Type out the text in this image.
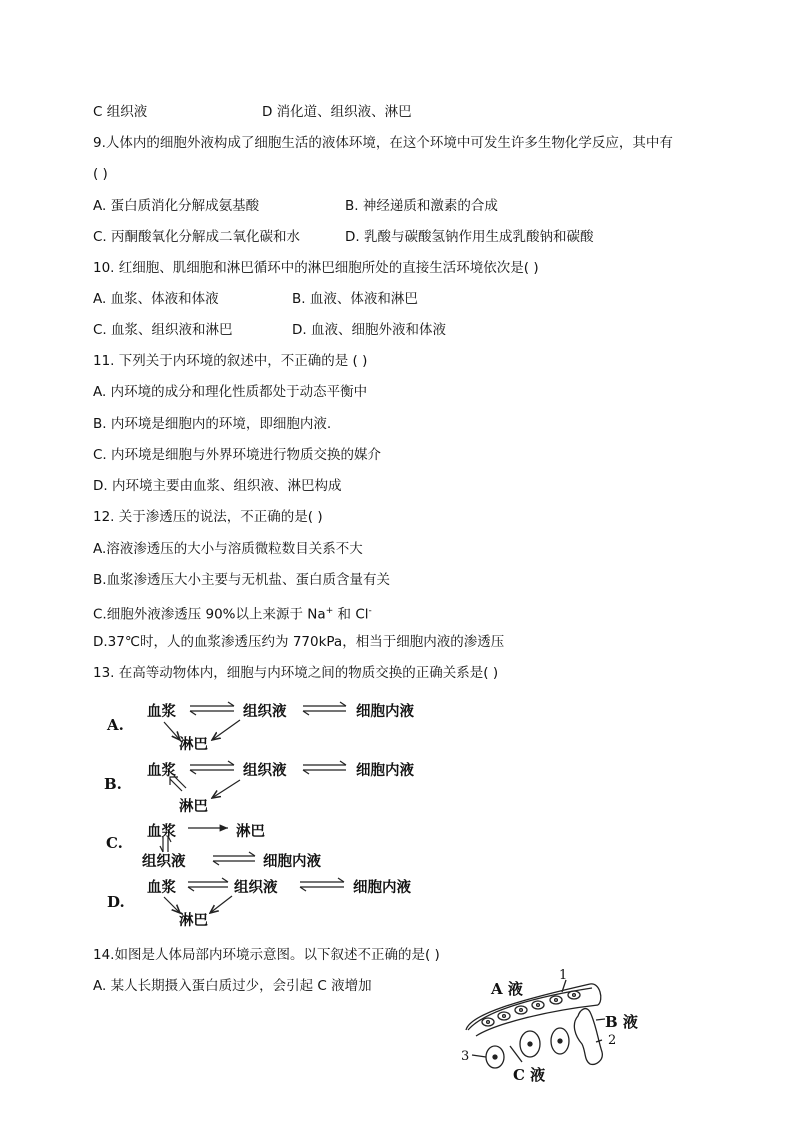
C 组织液	D 消化道、组织液、淋巴
9.人体内的细胞外液构成了细胞生活的液体环境，在这个环境中可发生许多生物化学反应，其中有
( )
A. 蛋白质消化分解成氨基酸	B. 神经递质和激素的合成
C. 丙酮酸氧化分解成二氧化碳和水	D. 乳酸与碳酸氢钠作用生成乳酸钠和碳酸
10. 红细胞、肌细胞和淋巴循环中的淋巴细胞所处的直接生活环境依次是( )
A. 血浆、体液和体液	B. 血液、体液和淋巴
C. 血浆、组织液和淋巴	D. 血液、细胞外液和体液
11. 下列关于内环境的叙述中，不正确的是 ( )
A. 内环境的成分和理化性质都处于动态平衡中
B. 内环境是细胞内的环境，即细胞内液.
C. 内环境是细胞与外界环境进行物质交换的媒介
D. 内环境主要由血浆、组织液、淋巴构成
12. 关于渗透压的说法，不正确的是( )
A.溶液渗透压的大小与溶质微粒数目关系不大
B.血浆渗透压大小主要与无机盐、蛋白质含量有关
C.细胞外液渗透压 90%以上来源于 Na+ 和 Cl-
D.37℃时，人的血浆渗透压约为 770kPa，相当于细胞内液的渗透压
13. 在高等动物体内，细胞与内环境之间的物质交换的正确关系是( )
A.
血浆	组织液	细胞内液
淋巴
B.
血浆	组织液	细胞内液
淋巴
C.
血浆	淋巴
组织液	细胞内液
D.
血浆	组织液	细胞内液
淋巴
14.如图是人体局部内环境示意图。以下叙述不正确的是( )
A. 某人长期摄入蛋白质过少，会引起 C 液增加	A 液
1
B 液
2
3
C 液
